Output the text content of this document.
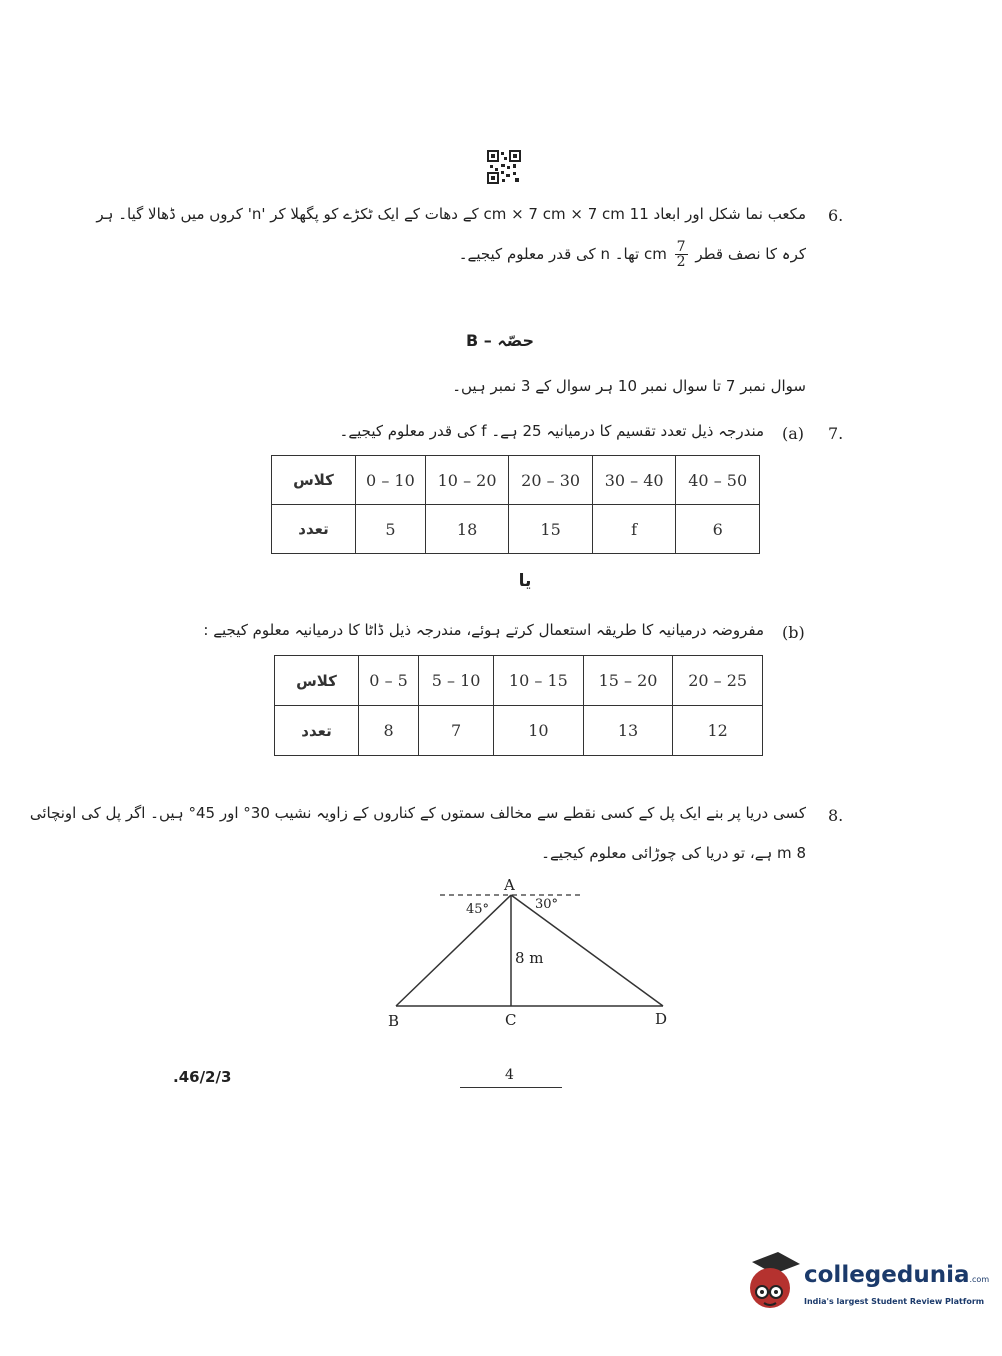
6.
مکعب نما شکل اور ابعاد 11 cm × 7 cm × 7 cm کے دھات کے ایک ٹکڑے کو پگھلا کر 'n' کروں میں ڈھالا گیا۔ ہر
کرہ کا نصف قطر
$\frac{7}{2}$
cm تھا۔ n کی قدر معلوم کیجیے۔
حصّہ – B
سوال نمبر 7 تا سوال نمبر 10 ہر سوال کے 3 نمبر ہیں۔
7.
(a)
مندرجہ ذیل تعدد تقسیم کا درمیانیہ 25 ہے۔ f کی قدر معلوم کیجیے۔
کلاس	0 – 10	10 – 20	20 – 30	30 – 40	40 – 50
تعدد	5	18	15	f	6
یا
(b)
مفروضہ درمیانیہ کا طریقہ استعمال کرتے ہوئے، مندرجہ ذیل ڈاٹا کا درمیانیہ معلوم کیجیے :
کلاس	0 – 5	5 – 10	10 – 15	15 – 20	20 – 25
تعدد	8	7	10	13	12
8.
کسی دریا پر بنے ایک پل کے کسی نقطے سے مخالف سمتوں کے کناروں کے زاویہ نشیب 30° اور 45° ہیں۔ اگر پل کی اونچائی
8 m ہے، تو دریا کی چوڑائی معلوم کیجیے۔
A
B	C	D
45°	30°
8 m
.46/2/3	4
collegedunia.com
India's largest Student Review Platform
